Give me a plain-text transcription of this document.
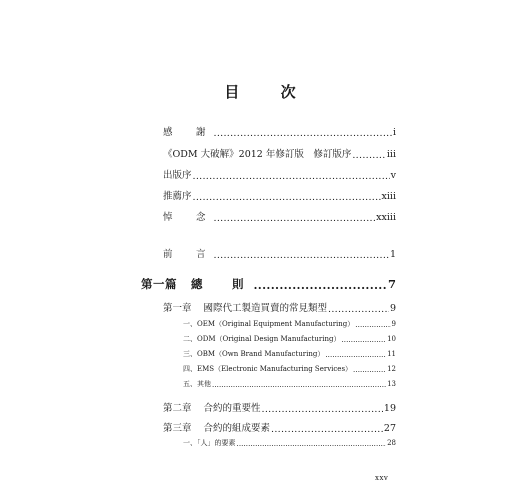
目 次
感　謝 .....	i
《ODM 大破解》2012 年修訂版　修訂版序 .....	iii
出版序 .....	v
推薦序 .....	xiii
悼　念 .....	xxiii
前　言 .....	1
第一篇 總　則 .....	7
第一章 國際代工製造買賣的常見類型 .....	9
一、OEM（Original Equipment Manufacturing） .....	9
二、ODM（Original Design Manufacturing） .....	10
三、OBM（Own Brand Manufacturing） .....	11
四、EMS（Electronic Manufacturing Services） .....	12
五、其他 .....	13
第二章 合約的重要性 .....	19
第三章 合約的組成要素 .....	27
一、「人」的要素 .....	28
xxv
